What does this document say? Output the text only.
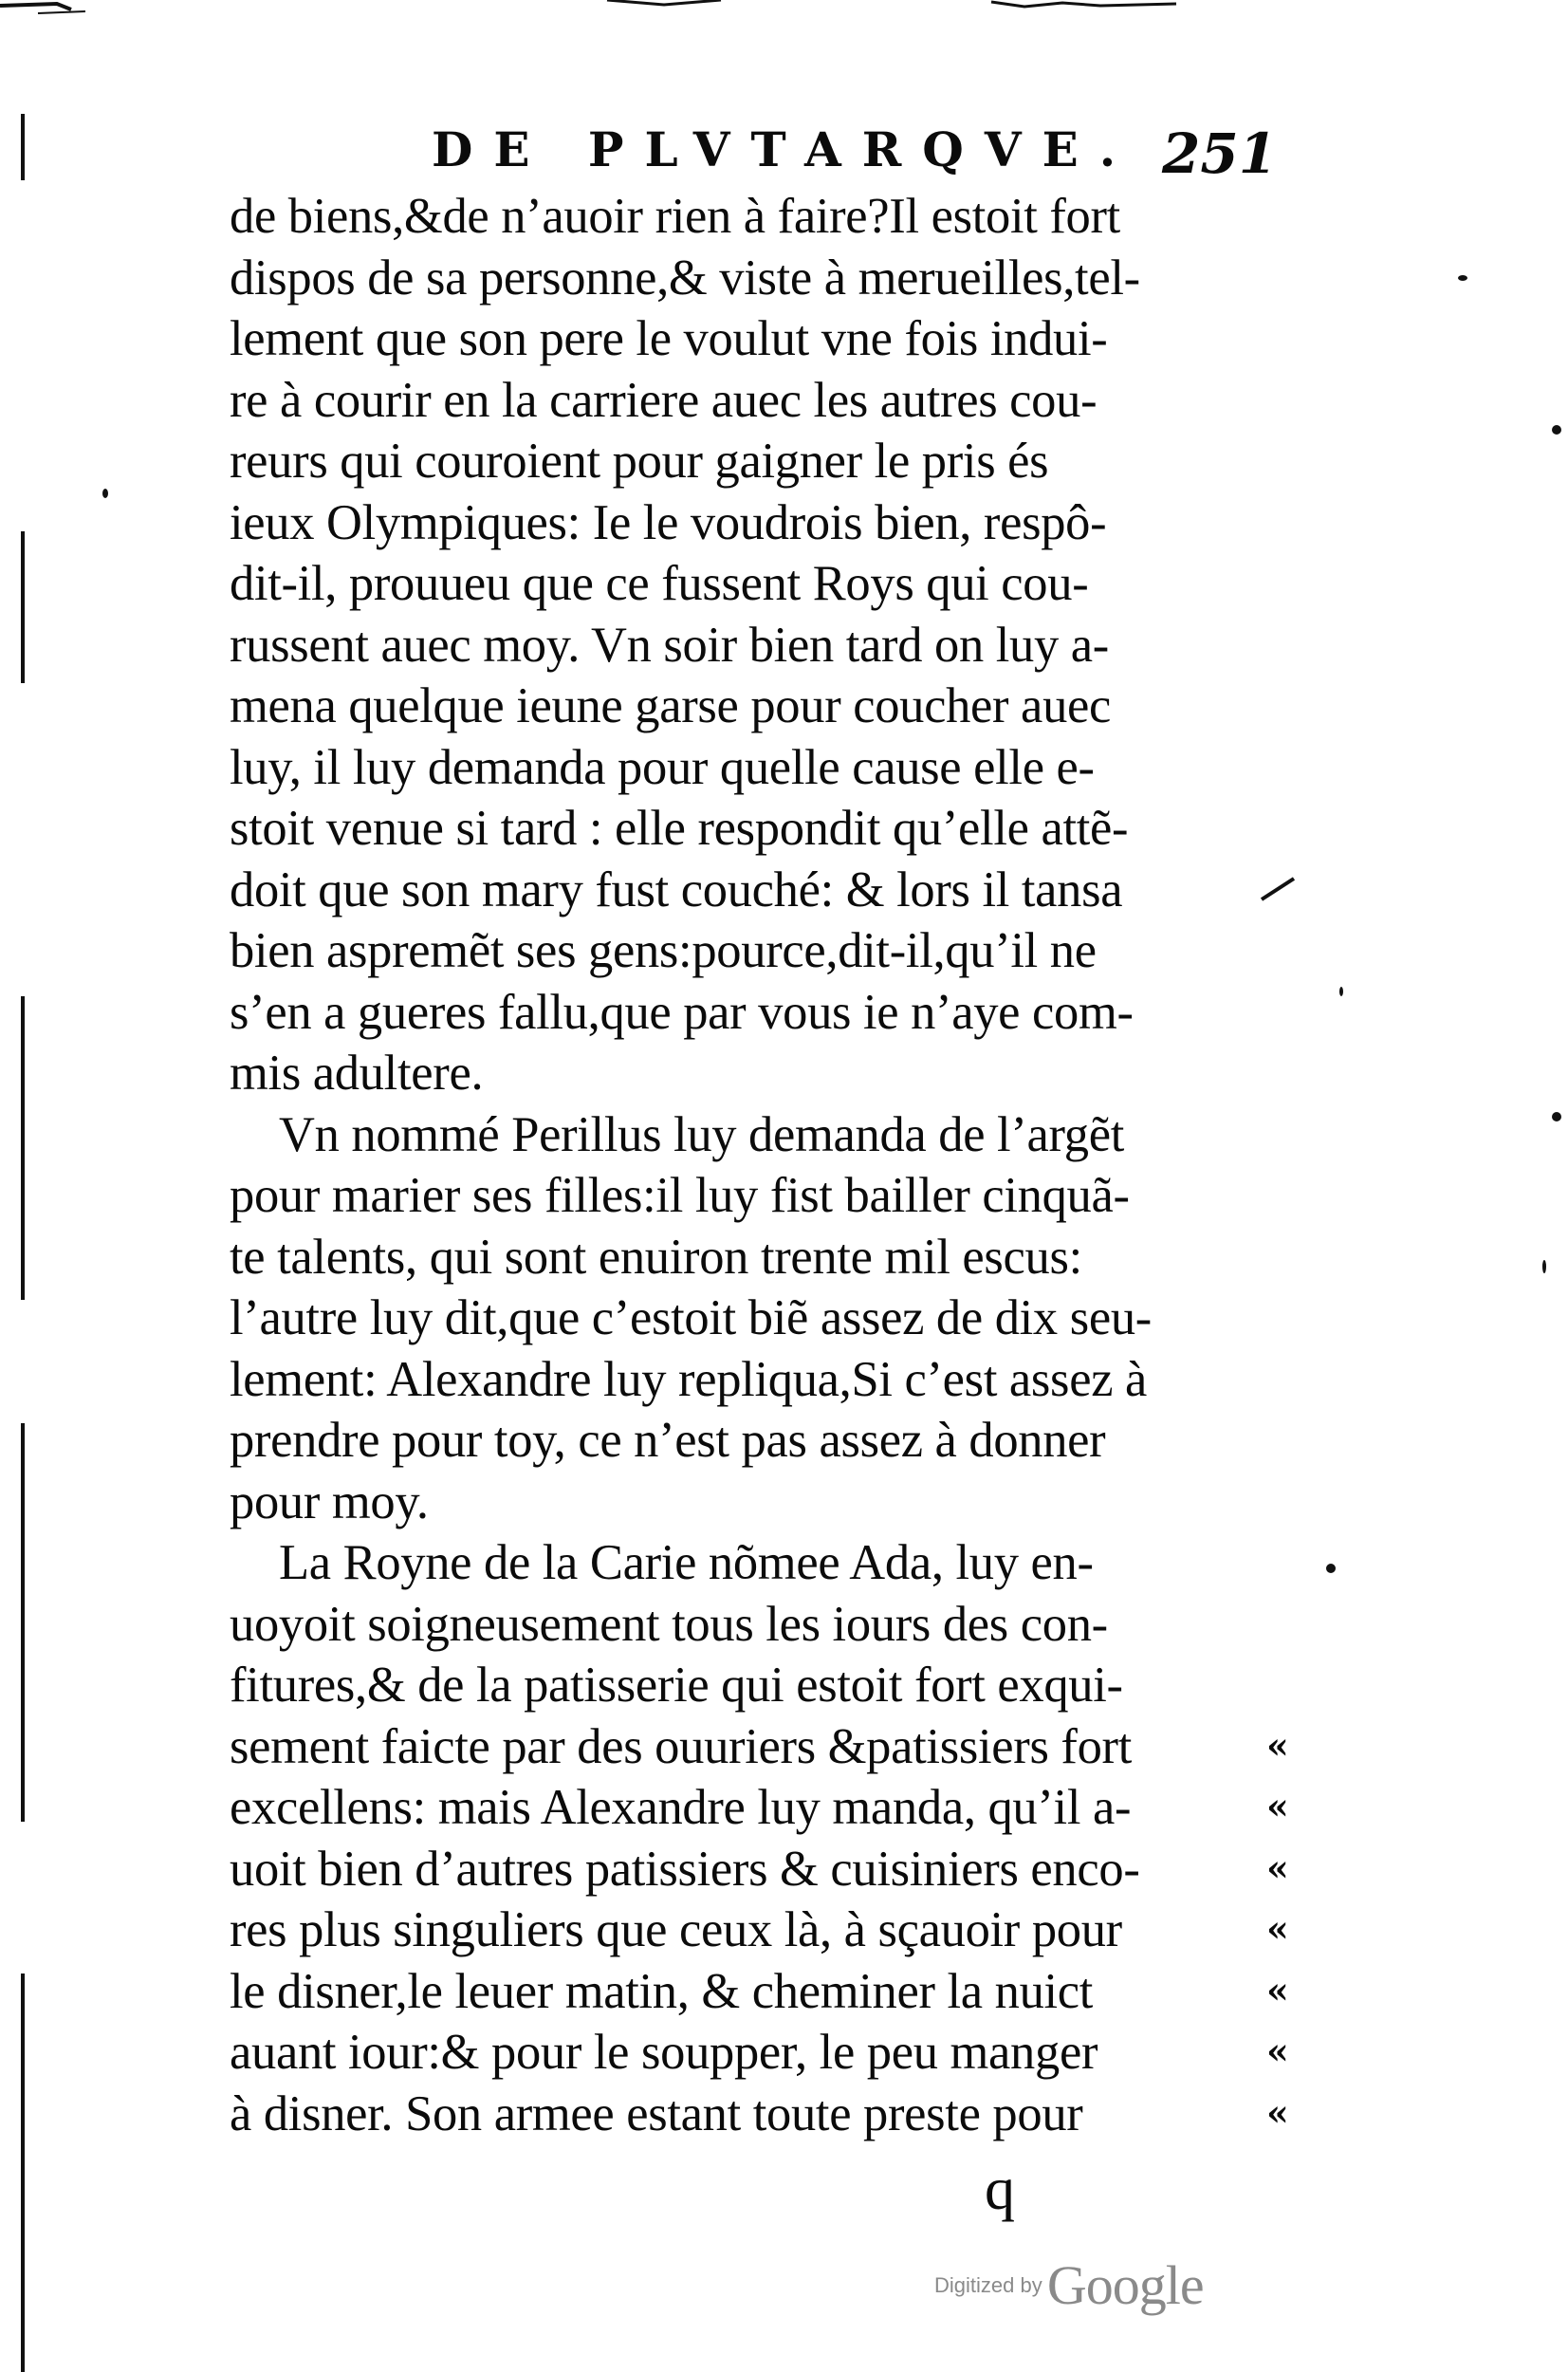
DE PLVTARQVE. 251
de biens,&de n’auoir rien à faire?Il estoit fort
dispos de sa personne,& viste à merueilles,tel-
lement que son pere le voulut vne fois indui-
re à courir en la carriere auec les autres cou-
reurs qui couroient pour gaigner le pris és
ieux Olympiques: Ie le voudrois bien, respô-
dit-il, prouueu que ce fussent Roys qui cou-
russent auec moy. Vn soir bien tard on luy a-
mena quelque ieune garse pour coucher auec
luy, il luy demanda pour quelle cause elle e-
stoit venue si tard : elle respondit qu’elle attẽ-
doit que son mary fust couché: & lors il tansa
bien aspremẽt ses gens:pource,dit-il,qu’il ne
s’en a gueres fallu,que par vous ie n’aye com-
mis adultere.
Vn nommé Perillus luy demanda de l’argẽt
pour marier ses filles:il luy fist bailler cinquã-
te talents, qui sont enuiron trente mil escus:
l’autre luy dit,que c’estoit biẽ assez de dix seu-
lement: Alexandre luy repliqua,Si c’est assez à
prendre pour toy, ce n’est pas assez à donner
pour moy.
La Royne de la Carie nõmee Ada, luy en-
uoyoit soigneusement tous les iours des con-
fitures,& de la patisserie qui estoit fort exqui-
sement faicte par des ouuriers &patissiers fort
excellens: mais Alexandre luy manda, qu’il a-
uoit bien d’autres patissiers & cuisiniers enco-
res plus singuliers que ceux là, à sçauoir pour
le disner,le leuer matin, & cheminer la nuict
auant iour:& pour le soupper, le peu manger
à disner. Son armee estant toute preste pour
«
«
«
«
«
«
«
q
Digitized by Google
